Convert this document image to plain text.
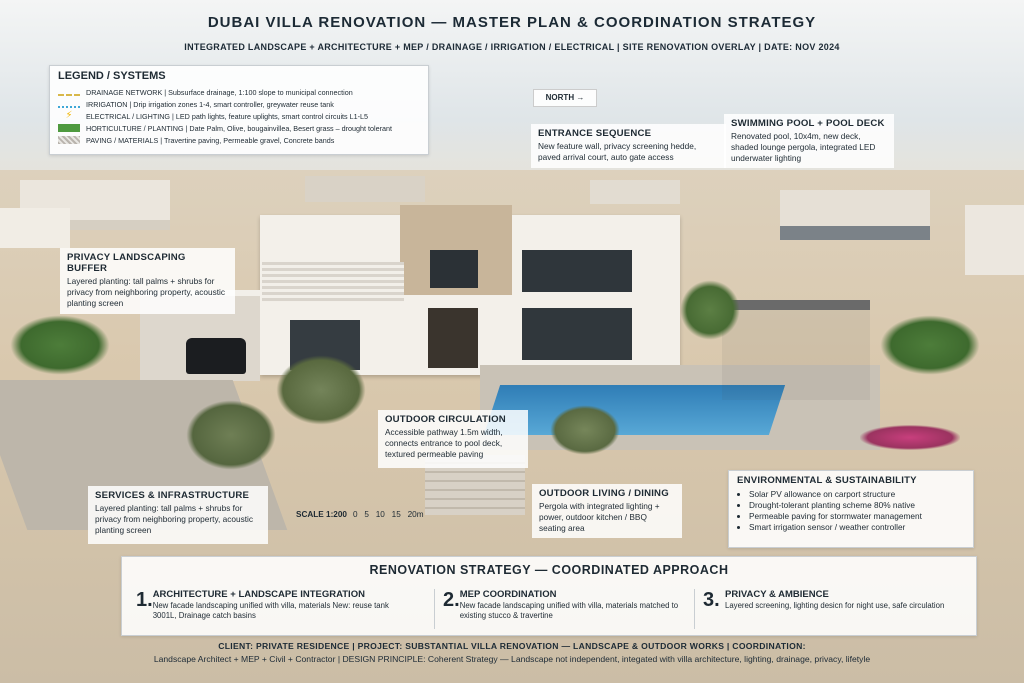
DUBAI VILLA RENOVATION — MASTER PLAN & COORDINATION STRATEGY
INTEGRATED LANDSCAPE + ARCHITECTURE + MEP / DRAINAGE / IRRIGATION / ELECTRICAL | SITE RENOVATION OVERLAY | DATE: NOV 2024
LEGEND / SYSTEMS
DRAINAGE NETWORK | Subsurface drainage, 1:100 slope to municipal connection
IRRIGATION | Drip irrigation zones 1-4, smart controller, greywater reuse tank
⚡	ELECTRICAL / LIGHTING | LED path lights, feature uplights, smart control circuits L1-L5
HORTICULTURE / PLANTING | Date Palm, Olive, bougainvillea, Besert grass – drought tolerant
PAVING / MATERIALS | Travertine paving, Permeable gravel, Concrete bands
NORTH →
ENTRANCE SEQUENCE

New feature wall, privacy screening hedde, paved arrival court, auto gate access

SWIMMING POOL + POOL DECK

Renovated pool, 10x4m, new deck, shaded lounge pergola, integrated LED underwater lighting

PRIVACY LANDSCAPING BUFFER

Layered planting: tall palms + shrubs for privacy from neighboring property, acoustic planting screen

OUTDOOR CIRCULATION

Accessible pathway 1.5m width, connects entrance to pool deck, textured permeable paving

SERVICES & INFRASTRUCTURE

Layered planting: tall palms + shrubs for privacy from neighboring property, acoustic planting screen

OUTDOOR LIVING / DINING

Pergola with integrated lighting + power, outdoor kitchen / BBQ seating area

ENVIRONMENTAL & SUSTAINABILITY
• Solar PV allowance on carport structure
• Drought-tolerant planting scheme 80% native
• Permeable paving for stormwater management
• Smart irrigation sensor / weather controller
SCALE 1:200 0   5   10   15   20m
RENOVATION STRATEGY — COORDINATED APPROACH
1. ARCHITECTURE + LANDSCAPE INTEGRATION

New facade landscaping unified with villa, materials New: reuse tank 3001L, Drainage catch basins

2. MEP COORDINATION

New facade landscaping unified with villa, materials matched to existing stucco & travertine

3. PRIVACY & AMBIENCE

Layered screening, lighting desicn for night use, safe circulation

CLIENT: PRIVATE RESIDENCE | PROJECT: SUBSTANTIAL VILLA RENOVATION — LANDSCAPE & OUTDOOR WORKS | COORDINATION:
Landscape Architect + MEP + Civil + Contractor | DESIGN PRINCIPLE: Coherent Strategy — Landscape not independent, integated with villa architecture, lighting, drainage, privacy, lifetyle
